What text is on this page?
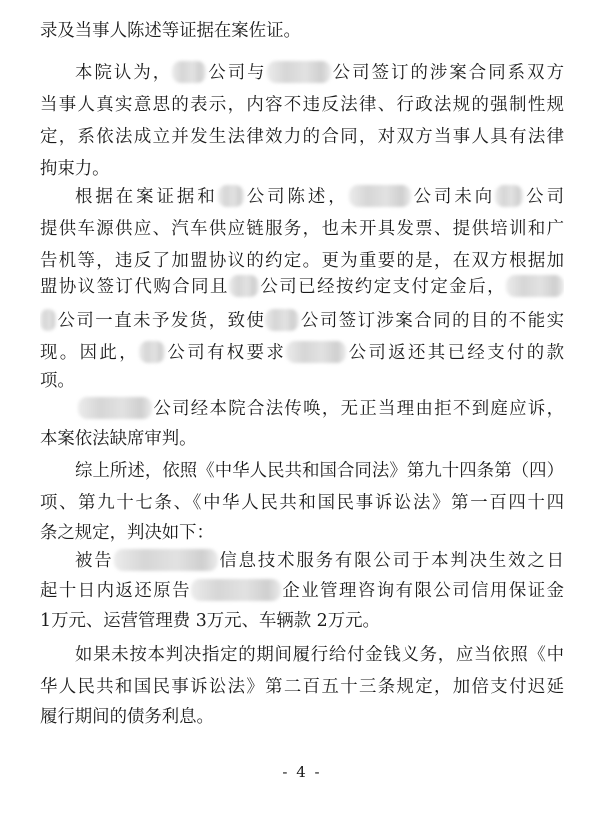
录及当事人陈述等证据在案佐证。
本院认为， 公司与	公司签订的涉案合同系双方
当事人真实意思的表示，内容不违反法律、行政法规的强制性规
定，系依法成立并发生法律效力的合同，对双方当事人具有法律
拘束力。
根据在案证据和 公司陈述，	公司未向 公司
提供车源供应、汽车供应链服务，也未开具发票、提供培训和广
告机等，违反了加盟协议的约定。更为重要的是，在双方根据加
盟协议签订代购合同且 公司已经按约定支付定金后，
公司一直未予发货，致使 公司签订涉案合同的目的不能实
现。因此， 公司有权要求	公司返还其已经支付的款
项。
公司经本院合法传唤，无正当理由拒不到庭应诉，
本案依法缺席审判。
综上所述，依照《中华人民共和国合同法》第九十四条第（四）
项、第九十七条、《中华人民共和国民事诉讼法》第一百四十四
条之规定，判决如下：
被告	信息技术服务有限公司于本判决生效之日
起十日内返还原告	企业管理咨询有限公司信用保证金
1万元、运营管理费 3万元、车辆款 2万元。
如果未按本判决指定的期间履行给付金钱义务，应当依照《中
华人民共和国民事诉讼法》第二百五十三条规定，加倍支付迟延
履行期间的债务利息。
- 4 -
